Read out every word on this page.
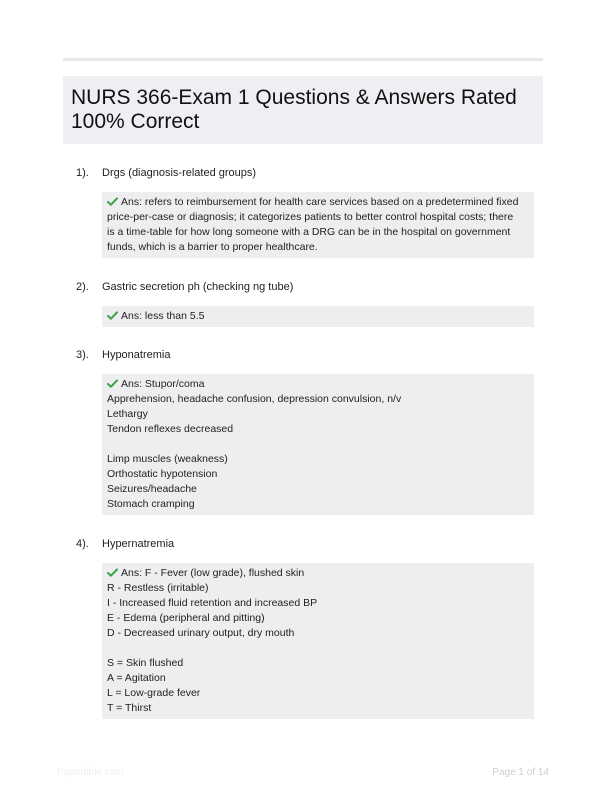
NURS 366-Exam 1 Questions & Answers Rated 100% Correct
1). Drgs (diagnosis-related groups)
Ans: refers to reimbursement for health care services based on a predetermined fixed
price-per-case or diagnosis; it categorizes patients to better control hospital costs; there
is a time-table for how long someone with a DRG can be in the hospital on government
funds, which is a barrier to proper healthcare.
2). Gastric secretion ph (checking ng tube)
Ans: less than 5.5
3). Hyponatremia
Ans: Stupor/coma
Apprehension, headache confusion, depression convulsion, n/v
Lethargy
Tendon reflexes decreased
Limp muscles (weakness)
Orthostatic hypotension
Seizures/headache
Stomach cramping
4). Hypernatremia
Ans: F - Fever (low grade), flushed skin
R - Restless (irritable)
I - Increased fluid retention and increased BP
E - Edema (peripheral and pitting)
D - Decreased urinary output, dry mouth
S = Skin flushed
A = Agitation
L = Low-grade fever
T = Thirst
Papertible.com	Page 1 of 14
